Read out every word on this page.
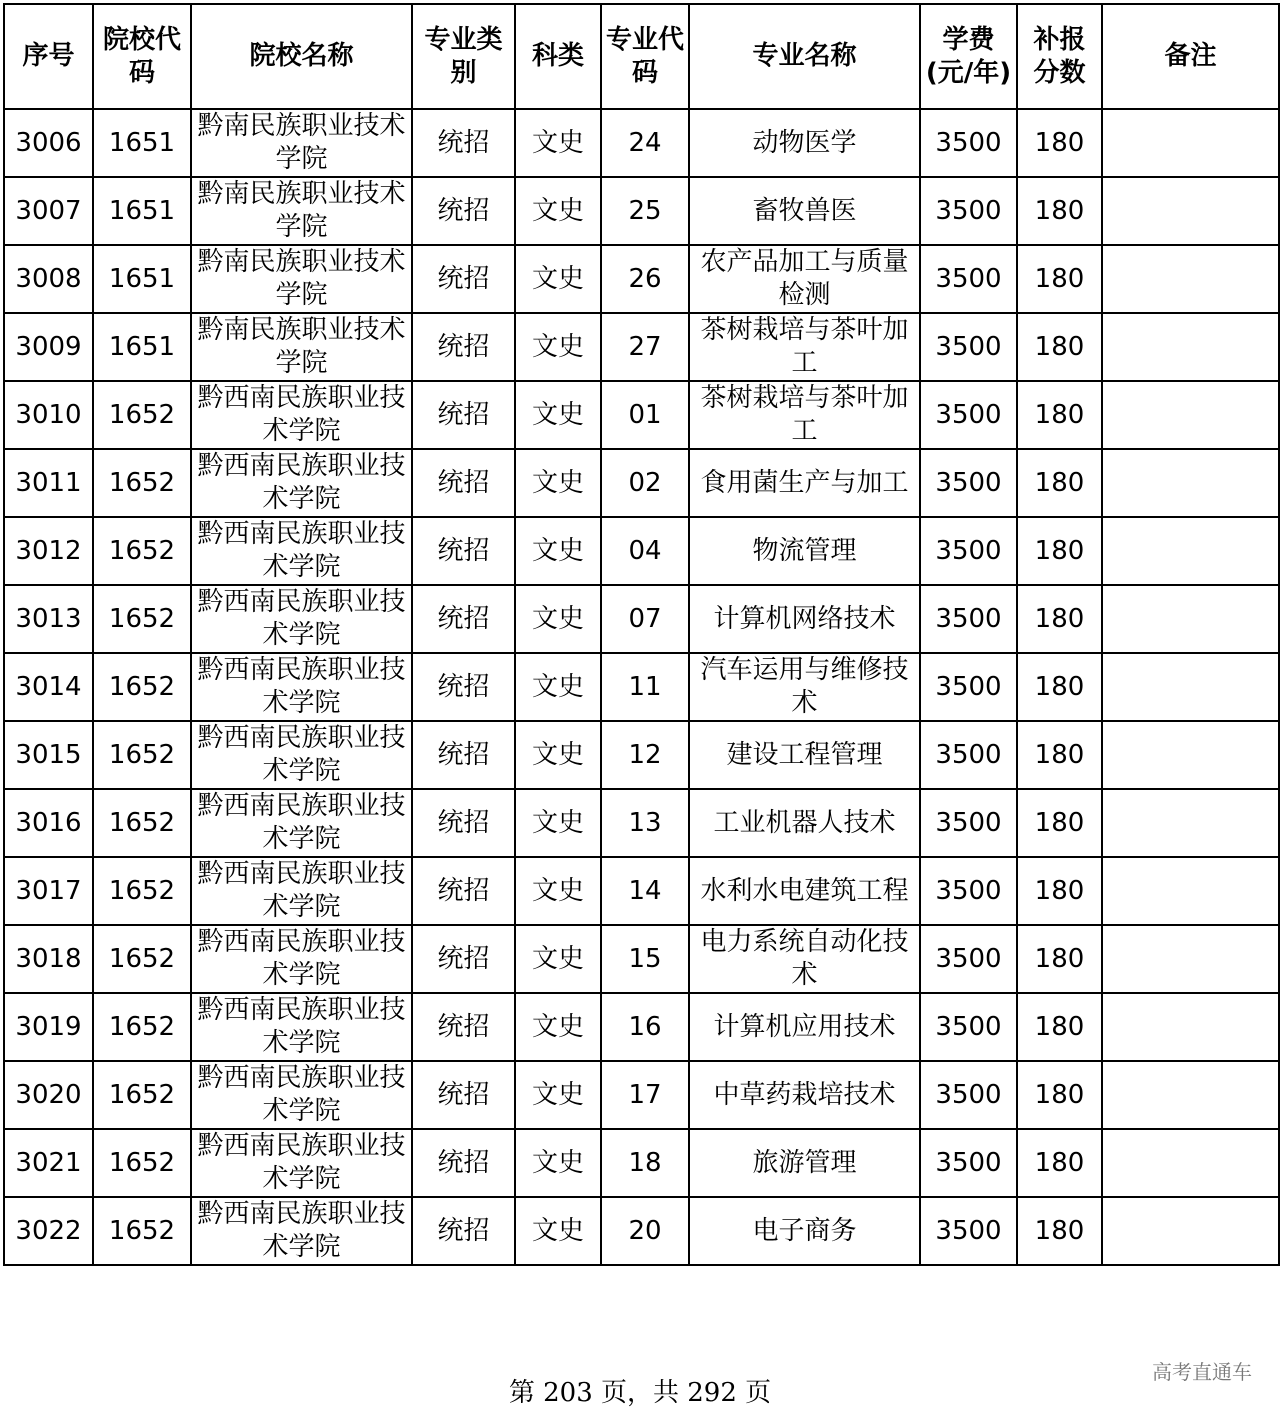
序号	院校代码	院校名称	专业类别	科类	专业代码	专业名称	学费(元/年)	补报分数	备注
3006	1651	黔南民族职业技术学院	统招	文史	24	动物医学	3500	180	
3007	1651	黔南民族职业技术学院	统招	文史	25	畜牧兽医	3500	180	
3008	1651	黔南民族职业技术学院	统招	文史	26	农产品加工与质量检测	3500	180	
3009	1651	黔南民族职业技术学院	统招	文史	27	茶树栽培与茶叶加工	3500	180	
3010	1652	黔西南民族职业技术学院	统招	文史	01	茶树栽培与茶叶加工	3500	180	
3011	1652	黔西南民族职业技术学院	统招	文史	02	食用菌生产与加工	3500	180	
3012	1652	黔西南民族职业技术学院	统招	文史	04	物流管理	3500	180	
3013	1652	黔西南民族职业技术学院	统招	文史	07	计算机网络技术	3500	180	
3014	1652	黔西南民族职业技术学院	统招	文史	11	汽车运用与维修技术	3500	180	
3015	1652	黔西南民族职业技术学院	统招	文史	12	建设工程管理	3500	180	
3016	1652	黔西南民族职业技术学院	统招	文史	13	工业机器人技术	3500	180	
3017	1652	黔西南民族职业技术学院	统招	文史	14	水利水电建筑工程	3500	180	
3018	1652	黔西南民族职业技术学院	统招	文史	15	电力系统自动化技术	3500	180	
3019	1652	黔西南民族职业技术学院	统招	文史	16	计算机应用技术	3500	180	
3020	1652	黔西南民族职业技术学院	统招	文史	17	中草药栽培技术	3500	180	
3021	1652	黔西南民族职业技术学院	统招	文史	18	旅游管理	3500	180	
3022	1652	黔西南民族职业技术学院	统招	文史	20	电子商务	3500	180	
第 203 页，共 292 页
高考直通车
